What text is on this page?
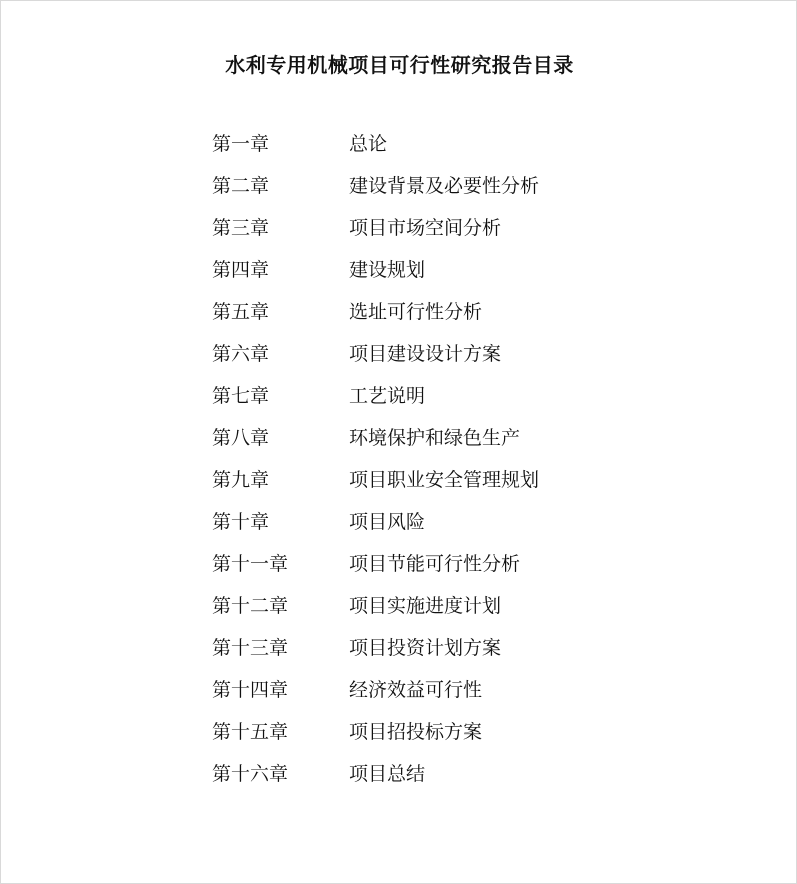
水利专用机械项目可行性研究报告目录
第一章	总论
第二章	建设背景及必要性分析
第三章	项目市场空间分析
第四章	建设规划
第五章	选址可行性分析
第六章	项目建设设计方案
第七章	工艺说明
第八章	环境保护和绿色生产
第九章	项目职业安全管理规划
第十章	项目风险
第十一章	项目节能可行性分析
第十二章	项目实施进度计划
第十三章	项目投资计划方案
第十四章	经济效益可行性
第十五章	项目招投标方案
第十六章	项目总结
